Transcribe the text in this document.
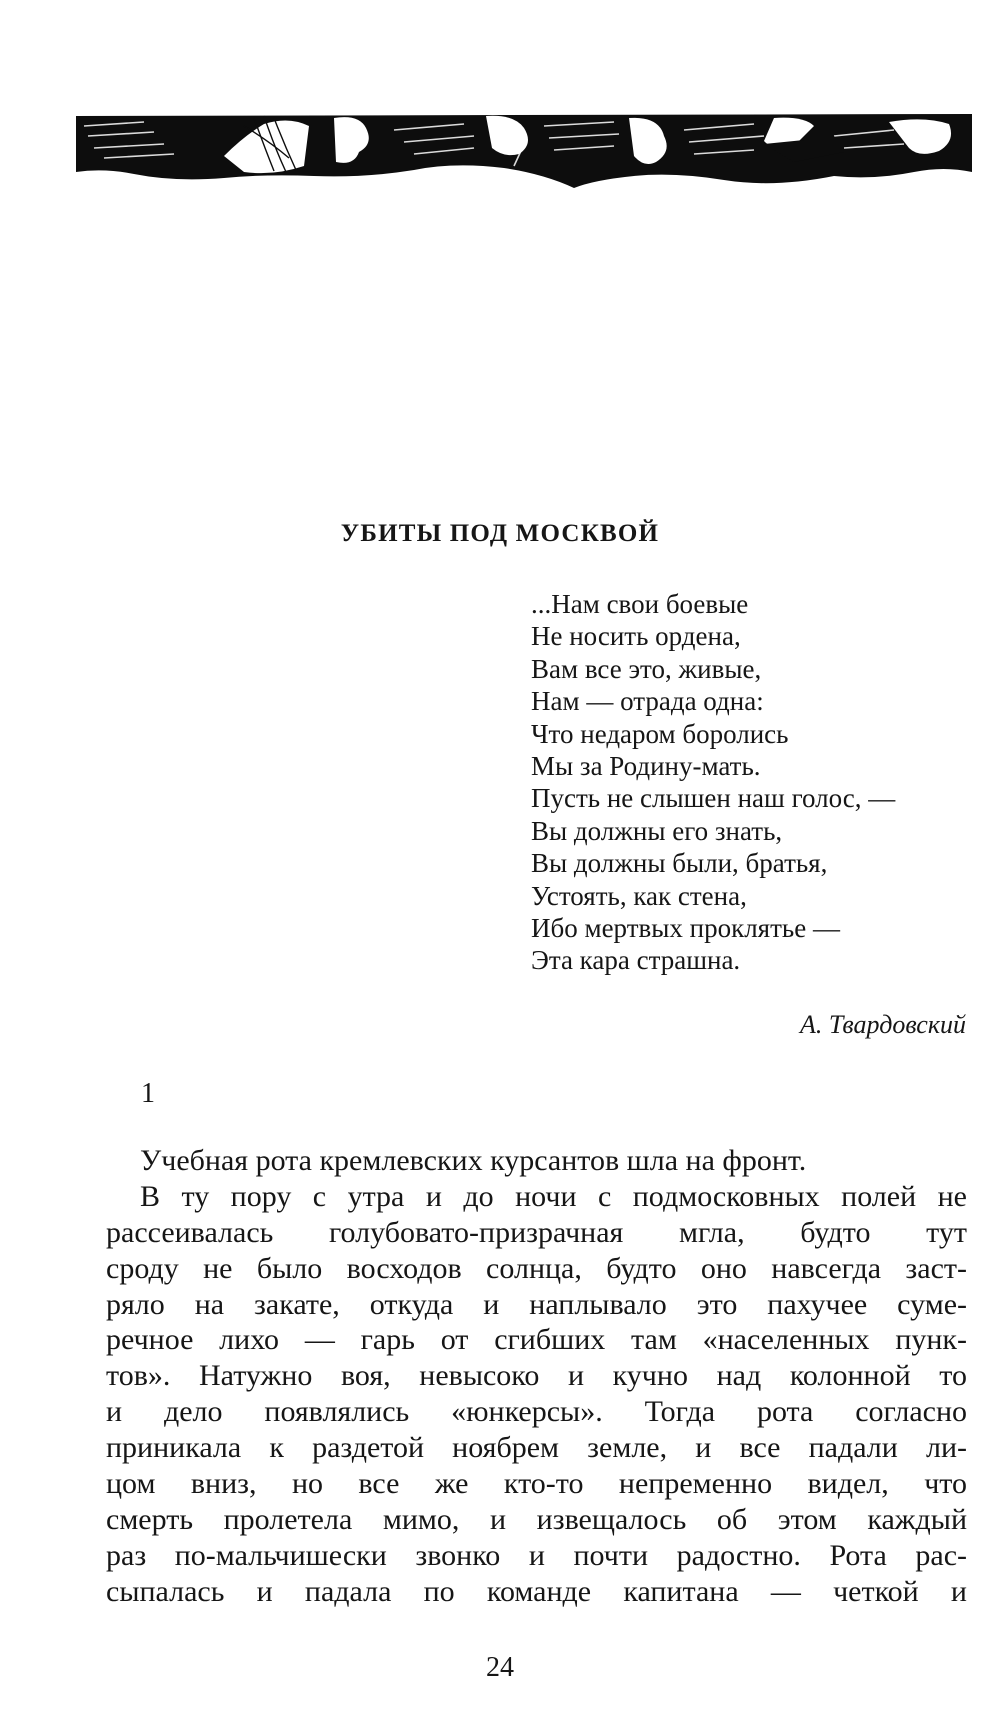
УБИТЫ ПОД МОСКВОЙ
...Нам свои боевые
Не носить ордена,
Вам все это, живые,
Нам — отрада одна:
Что недаром боролись
Мы за Родину-мать.
Пусть не слышен наш голос, —
Вы должны его знать,
Вы должны были, братья,
Устоять, как стена,
Ибо мертвых проклятье —
Эта кара страшна.
А. Твардовский
1
Учебная рота кремлевских курсантов шла на фронт.
В ту пору с утра и до ночи с подмосковных полей не
рассеивалась голубовато-призрачная мгла, будто тут
сроду не было восходов солнца, будто оно навсегда заст-
ряло на закате, откуда и наплывало это пахучее суме-
речное лихо — гарь от сгибших там «населенных пунк-
тов». Натужно воя, невысоко и кучно над колонной то
и дело появлялись «юнкерсы». Тогда рота согласно
приникала к раздетой ноябрем земле, и все падали ли-
цом вниз, но все же кто-то непременно видел, что
смерть пролетела мимо, и извещалось об этом каждый
раз по-мальчишески звонко и почти радостно. Рота рас-
сыпалась и падала по команде капитана — четкой и
24
